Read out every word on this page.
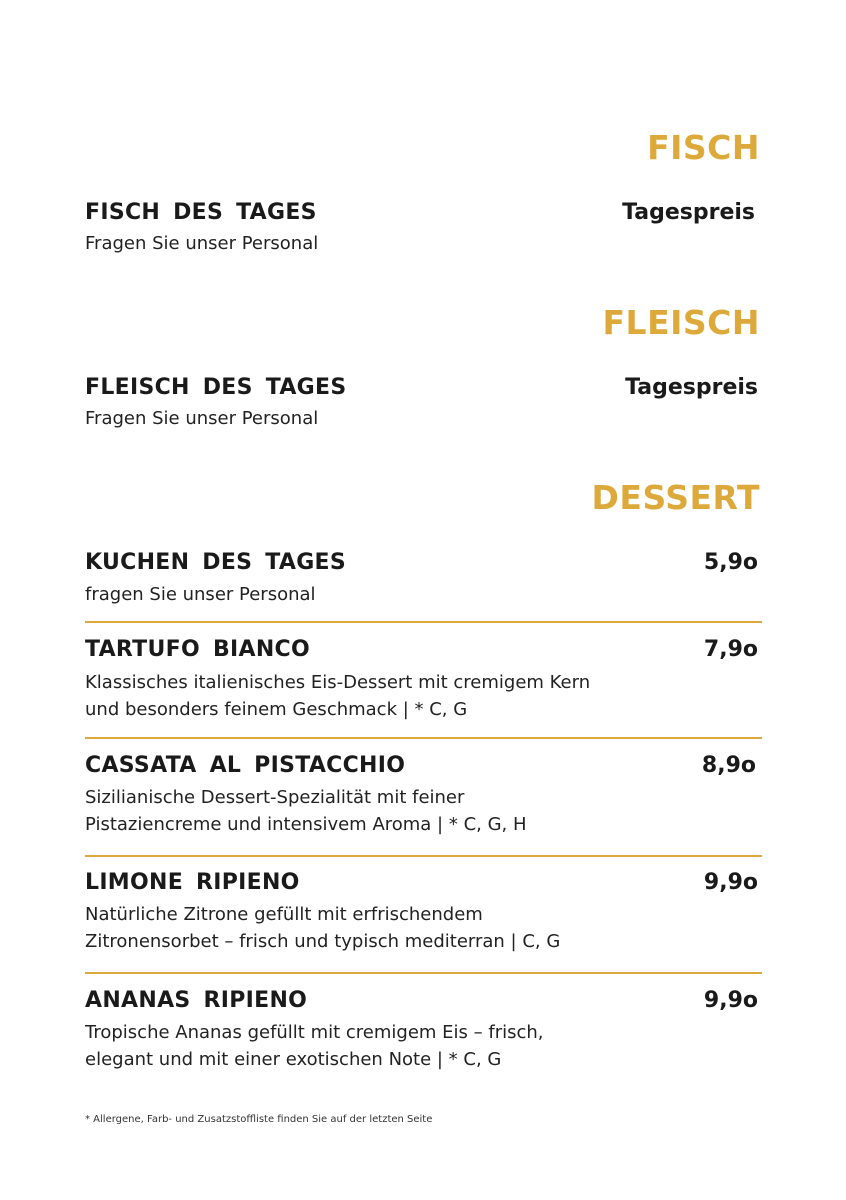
FISCH
FISCH DES TAGES	Tagespreis
Fragen Sie unser Personal
FLEISCH
FLEISCH DES TAGES	Tagespreis
Fragen Sie unser Personal
DESSERT
KUCHEN DES TAGES	5,9o
fragen Sie unser Personal
TARTUFO BIANCO	7,9o
Klassisches italienisches Eis-Dessert mit cremigem Kern
und besonders feinem Geschmack | * C, G
CASSATA AL PISTACCHIO	8,9o
Sizilianische Dessert-Spezialität mit feiner
Pistaziencreme und intensivem Aroma | * C, G, H
LIMONE RIPIENO	9,9o
Natürliche Zitrone gefüllt mit erfrischendem
Zitronensorbet – frisch und typisch mediterran | C, G
ANANAS RIPIENO	9,9o
Tropische Ananas gefüllt mit cremigem Eis – frisch,
elegant und mit einer exotischen Note | * C, G
* Allergene, Farb- und Zusatzstoffliste finden Sie auf der letzten Seite
